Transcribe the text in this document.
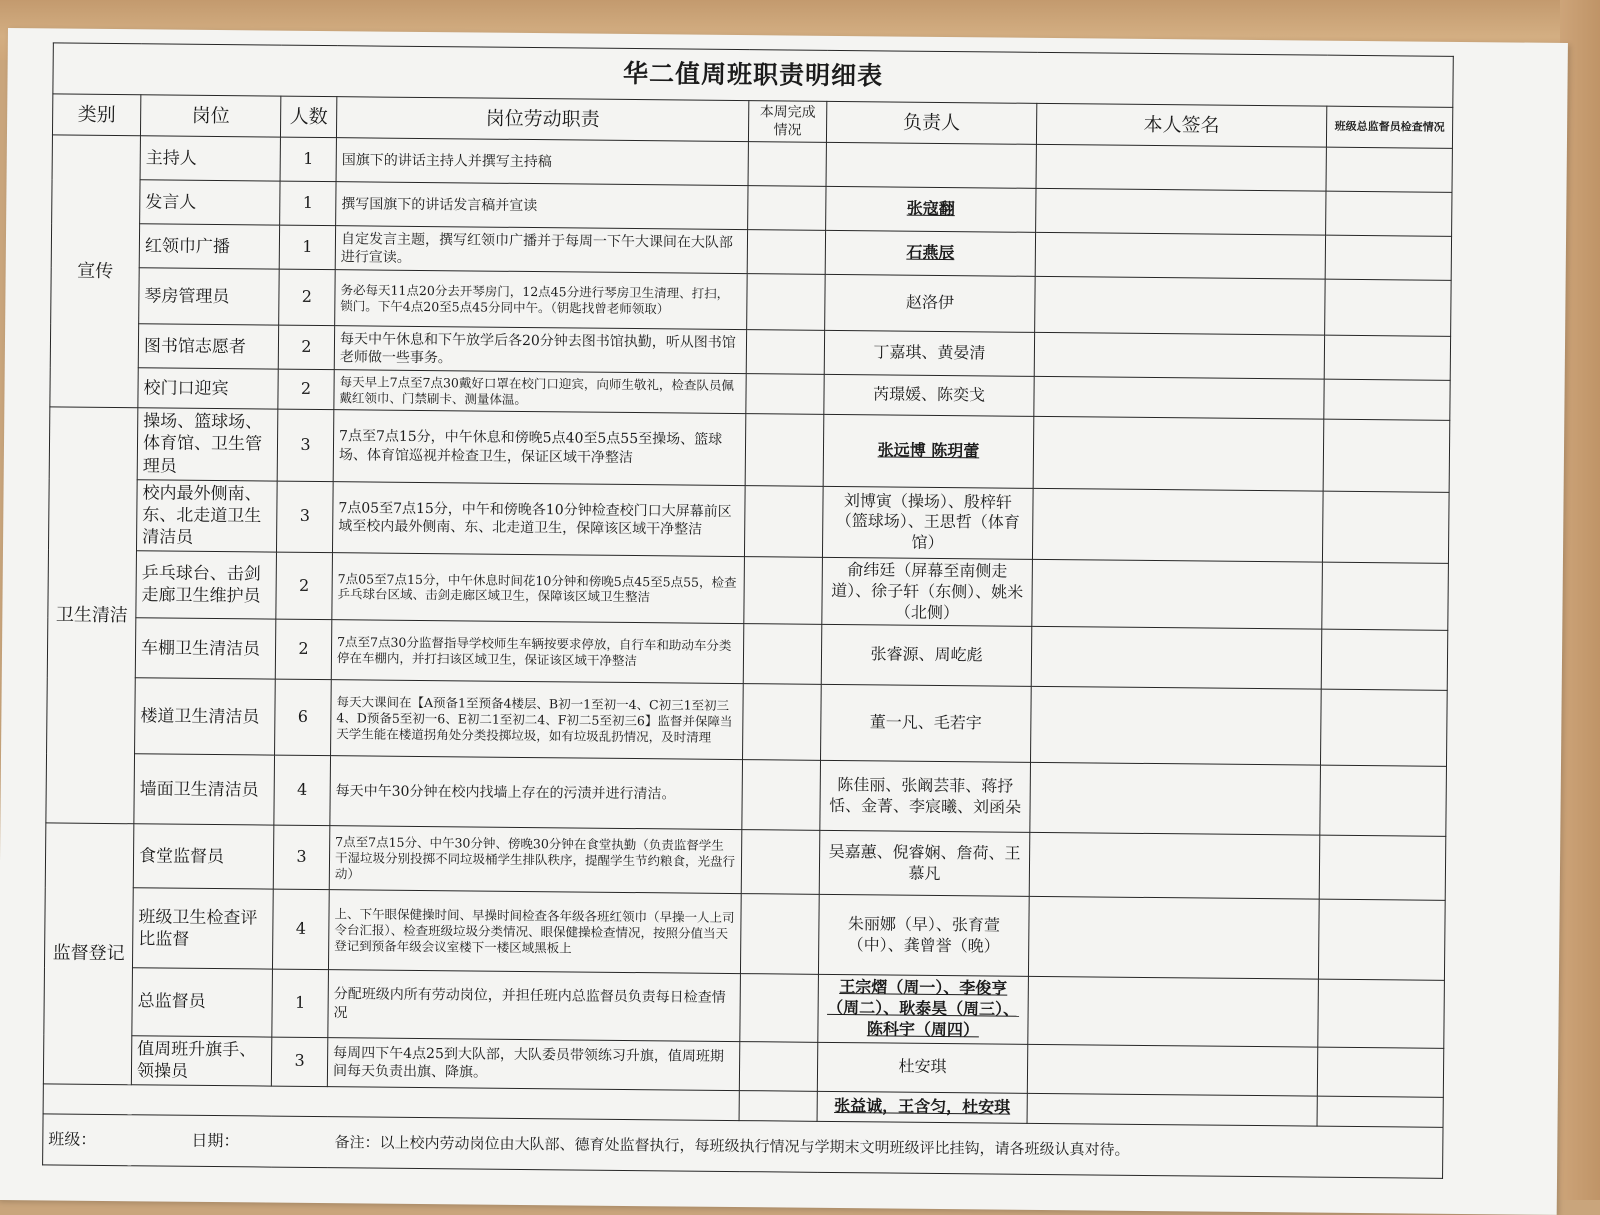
华二值周班职责明细表							
类别	岗位	人数	岗位劳动职责	本周完成情况	负责人	本人签名	班级总监督员检查情况
宣传	主持人	1	国旗下的讲话主持人并撰写主持稿				
	发言人	1	撰写国旗下的讲话发言稿并宣读		张寇翻		
	红领巾广播	1	自定发言主题，撰写红领巾广播并于每周一下午大课间在大队部进行宣读。		石燕辰		
	琴房管理员	2	务必每天11点20分去开琴房门，12点45分进行琴房卫生清理、打扫，锁门。下午4点20至5点45分同中午。（钥匙找曾老师领取）		赵洛伊		
	图书馆志愿者	2	每天中午休息和下午放学后各20分钟去图书馆执勤，听从图书馆老师做一些事务。		丁嘉琪、黄晏清		
	校门口迎宾	2	每天早上7点至7点30戴好口罩在校门口迎宾，向师生敬礼，检查队员佩戴红领巾、门禁刷卡、测量体温。		芮璟媛、陈奕戈		
卫生清洁	操场、篮球场、体育馆、卫生管理员	3	7点至7点15分，中午休息和傍晚5点40至5点55至操场、篮球场、体育馆巡视并检查卫生，保证区域干净整洁		张远博 陈玥蕾		
	校内最外侧南、东、北走道卫生清洁员	3	7点05至7点15分，中午和傍晚各10分钟检查校门口大屏幕前区域至校内最外侧南、东、北走道卫生，保障该区域干净整洁		刘博寅（操场）、殷梓轩（篮球场）、王思哲（体育馆）		
	乒乓球台、击剑走廊卫生维护员	2	7点05至7点15分，中午休息时间花10分钟和傍晚5点45至5点55，检查乒乓球台区域、击剑走廊区域卫生，保障该区域卫生整洁		俞纬廷（屏幕至南侧走道）、徐子轩（东侧）、姚米（北侧）		
	车棚卫生清洁员	2	7点至7点30分监督指导学校师生车辆按要求停放，自行车和助动车分类停在车棚内，并打扫该区域卫生，保证该区域干净整洁		张睿源、周屹彪		
	楼道卫生清洁员	6	每天大课间在【A预备1至预备4楼层、B初一1至初一4、C初三1至初三4、D预备5至初一6、E初二1至初二4、F初二5至初三6】监督并保障当天学生能在楼道拐角处分类投掷垃圾，如有垃圾乱扔情况，及时清理		董一凡、毛若宇		
	墙面卫生清洁员	4	每天中午30分钟在校内找墙上存在的污渍并进行清洁。		陈佳丽、张阚芸菲、蒋抒恬、金菁、李宸曦、刘函朵		
监督登记	食堂监督员	3	7点至7点15分、中午30分钟、傍晚30分钟在食堂执勤（负责监督学生干湿垃圾分别投掷不同垃圾桶学生排队秩序，提醒学生节约粮食，光盘行动）		吴嘉蕙、倪睿娴、詹荷、王慕凡		
	班级卫生检查评比监督	4	上、下午眼保健操时间、早操时间检查各年级各班红领巾（早操一人上司令台汇报）、检查班级垃圾分类情况、眼保健操检查情况，按照分值当天登记到预备年级会议室楼下一楼区域黑板上		朱丽娜（早）、张育萱（中）、龚曾誉（晚）		
	总监督员	1	分配班级内所有劳动岗位，并担任班内总监督员负责每日检查情况		王宗熠（周一）、李俊亨（周二）、耿泰昊（周三）、陈科宇（周四）		
	值周班升旗手、领操员	3	每周四下午4点25到大队部，大队委员带领练习升旗，值周班期间每天负责出旗、降旗。		杜安琪		
					张益诚，王含匀，杜安琪		
班级： 日期： 备注：以上校内劳动岗位由大队部、德育处监督执行，每班级执行情况与学期末文明班级评比挂钩，请各班级认真对待。							
